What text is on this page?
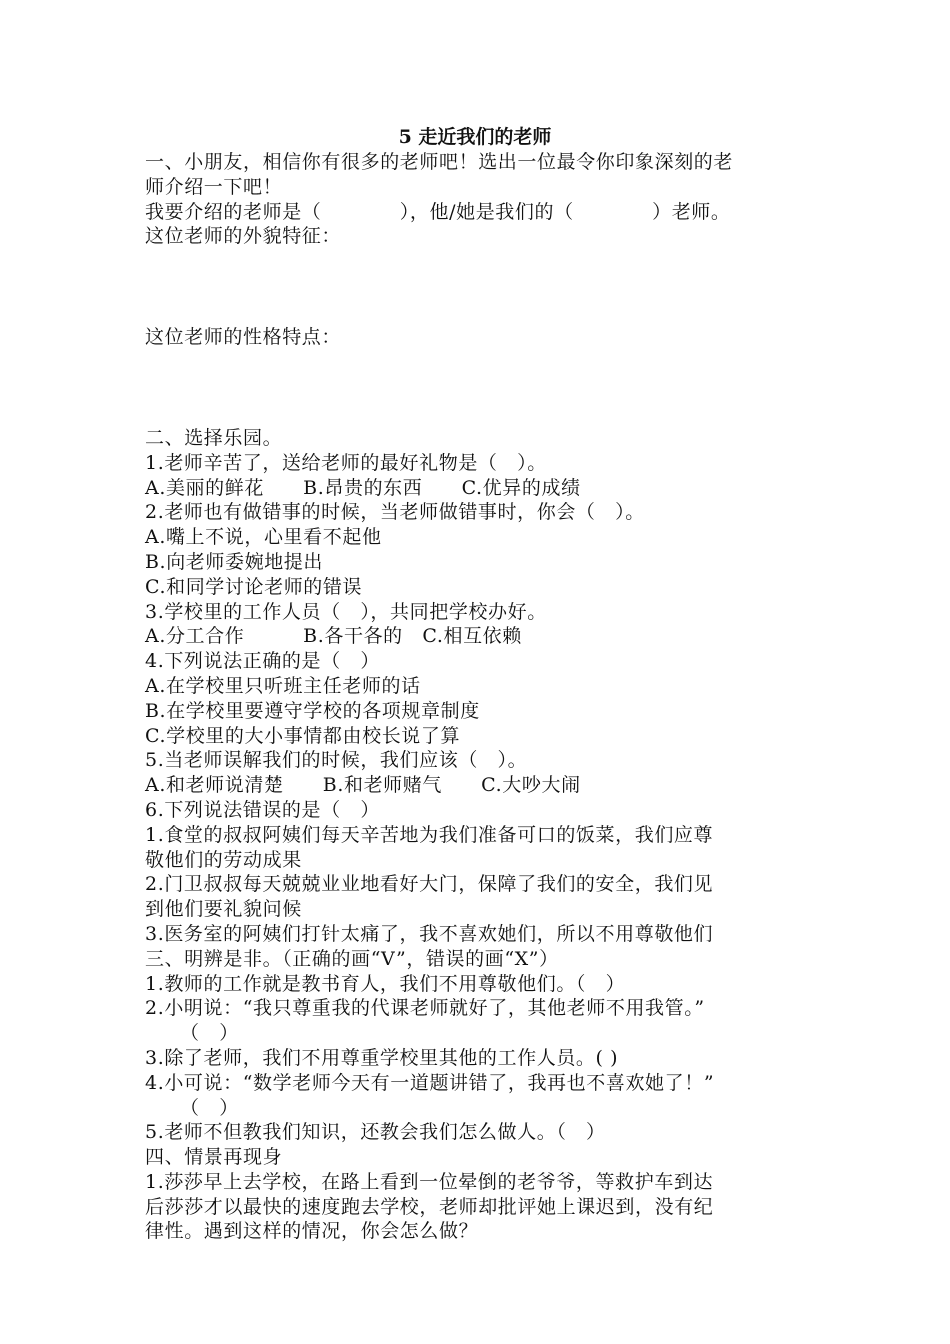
5 走近我们的老师
一、小朋友，相信你有很多的老师吧！选出一位最令你印象深刻的老
师介绍一下吧！
我要介绍的老师是（　　　　），他/她是我们的（　　　　）老师。
这位老师的外貌特征：
这位老师的性格特点：
二、选择乐园。
1.老师辛苦了，送给老师的最好礼物是（　）。
A.美丽的鲜花　　B.昂贵的东西　　C.优异的成绩
2.老师也有做错事的时候，当老师做错事时，你会（　）。
A.嘴上不说，心里看不起他
B.向老师委婉地提出
C.和同学讨论老师的错误
3.学校里的工作人员（　），共同把学校办好。
A.分工合作　　　B.各干各的　C.相互依赖
4.下列说法正确的是（　）
A.在学校里只听班主任老师的话
B.在学校里要遵守学校的各项规章制度
C.学校里的大小事情都由校长说了算
5.当老师误解我们的时候，我们应该（　）。
A.和老师说清楚　　B.和老师赌气　　C.大吵大闹
6.下列说法错误的是（　）
1.食堂的叔叔阿姨们每天辛苦地为我们准备可口的饭菜，我们应尊
敬他们的劳动成果
2.门卫叔叔每天兢兢业业地看好大门，保障了我们的安全，我们见
到他们要礼貌问候
3.医务室的阿姨们打针太痛了，我不喜欢她们，所以不用尊敬他们
三、明辨是非。（正确的画“V”，错误的画“X”）
1.教师的工作就是教书育人，我们不用尊敬他们。（　）
2.小明说：“我只尊重我的代课老师就好了，其他老师不用我管。”
（　）
3.除了老师，我们不用尊重学校里其他的工作人员。( )
4.小可说：“数学老师今天有一道题讲错了，我再也不喜欢她了！”
（　）
5.老师不但教我们知识，还教会我们怎么做人。（　）
四、情景再现身
1.莎莎早上去学校，在路上看到一位晕倒的老爷爷，等救护车到达
后莎莎才以最快的速度跑去学校，老师却批评她上课迟到，没有纪
律性。遇到这样的情况，你会怎么做？
